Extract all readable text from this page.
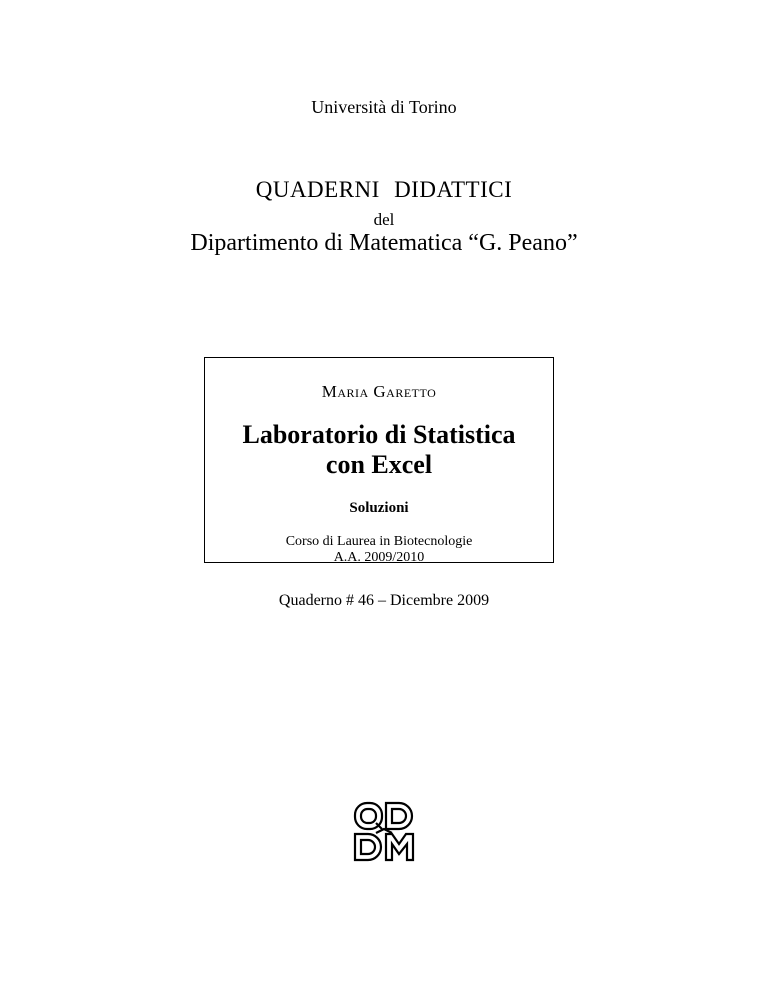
Università di Torino
QUADERNI DIDATTICI
del
Dipartimento di Matematica “G. Peano”
Maria Garetto
Laboratorio di Statistica
con Excel
Soluzioni
Corso di Laurea in Biotecnologie
A.A. 2009/2010
Quaderno # 46 – Dicembre 2009
